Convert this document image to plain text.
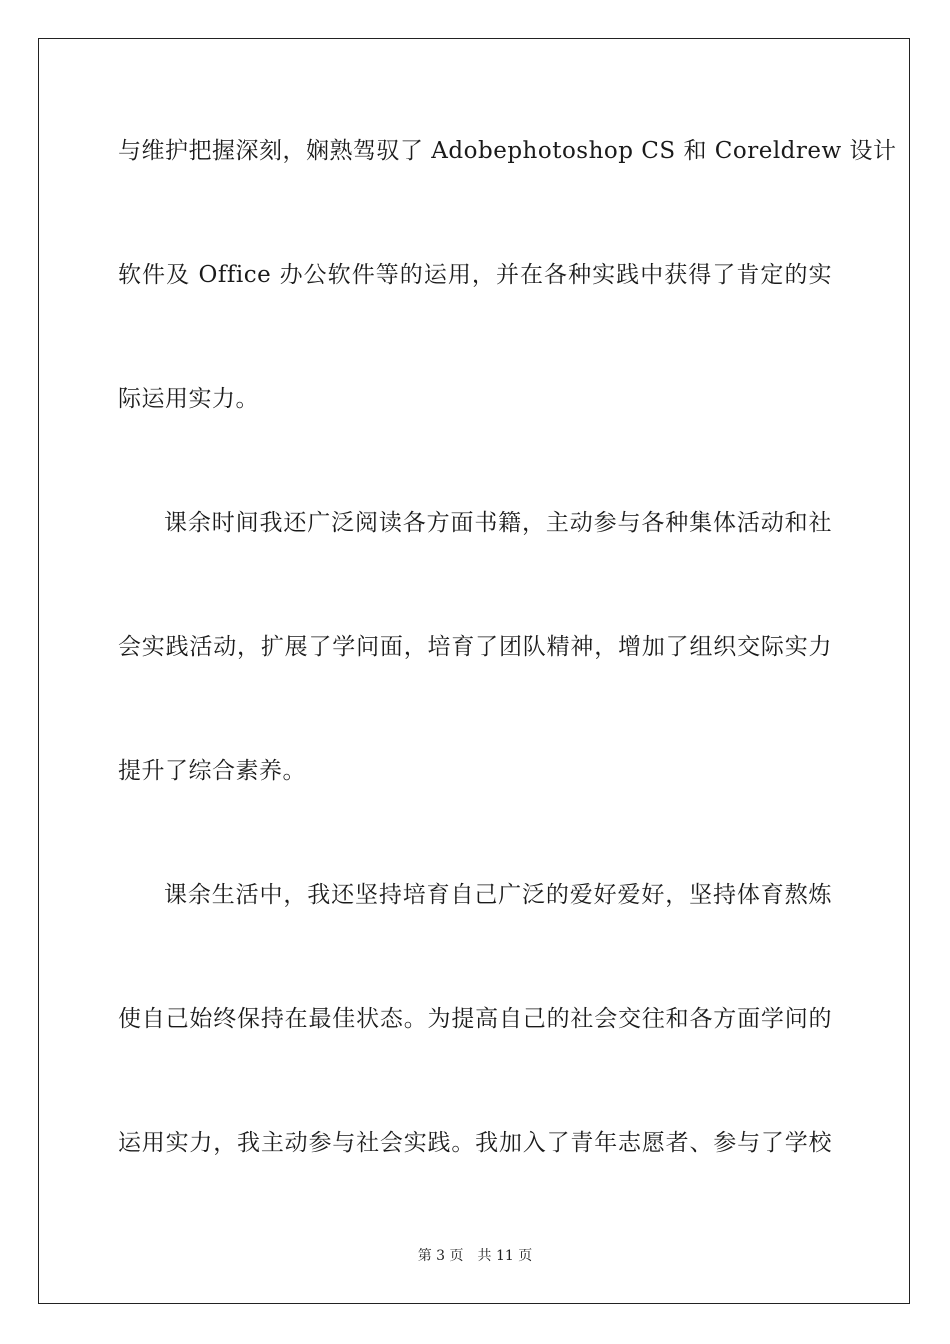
与维护把握深刻，娴熟驾驭了 Adobephotoshop CS 和 Coreldrew 设计
软件及 Office 办公软件等的运用，并在各种实践中获得了肯定的实
际运用实力。
课余时间我还广泛阅读各方面书籍，主动参与各种集体活动和社
会实践活动，扩展了学问面，培育了团队精神，增加了组织交际实力
提升了综合素养。
课余生活中，我还坚持培育自己广泛的爱好爱好，坚持体育熬炼
使自己始终保持在最佳状态。为提高自己的社会交往和各方面学问的
运用实力，我主动参与社会实践。我加入了青年志愿者、参与了学校
第 3 页 共 11 页
